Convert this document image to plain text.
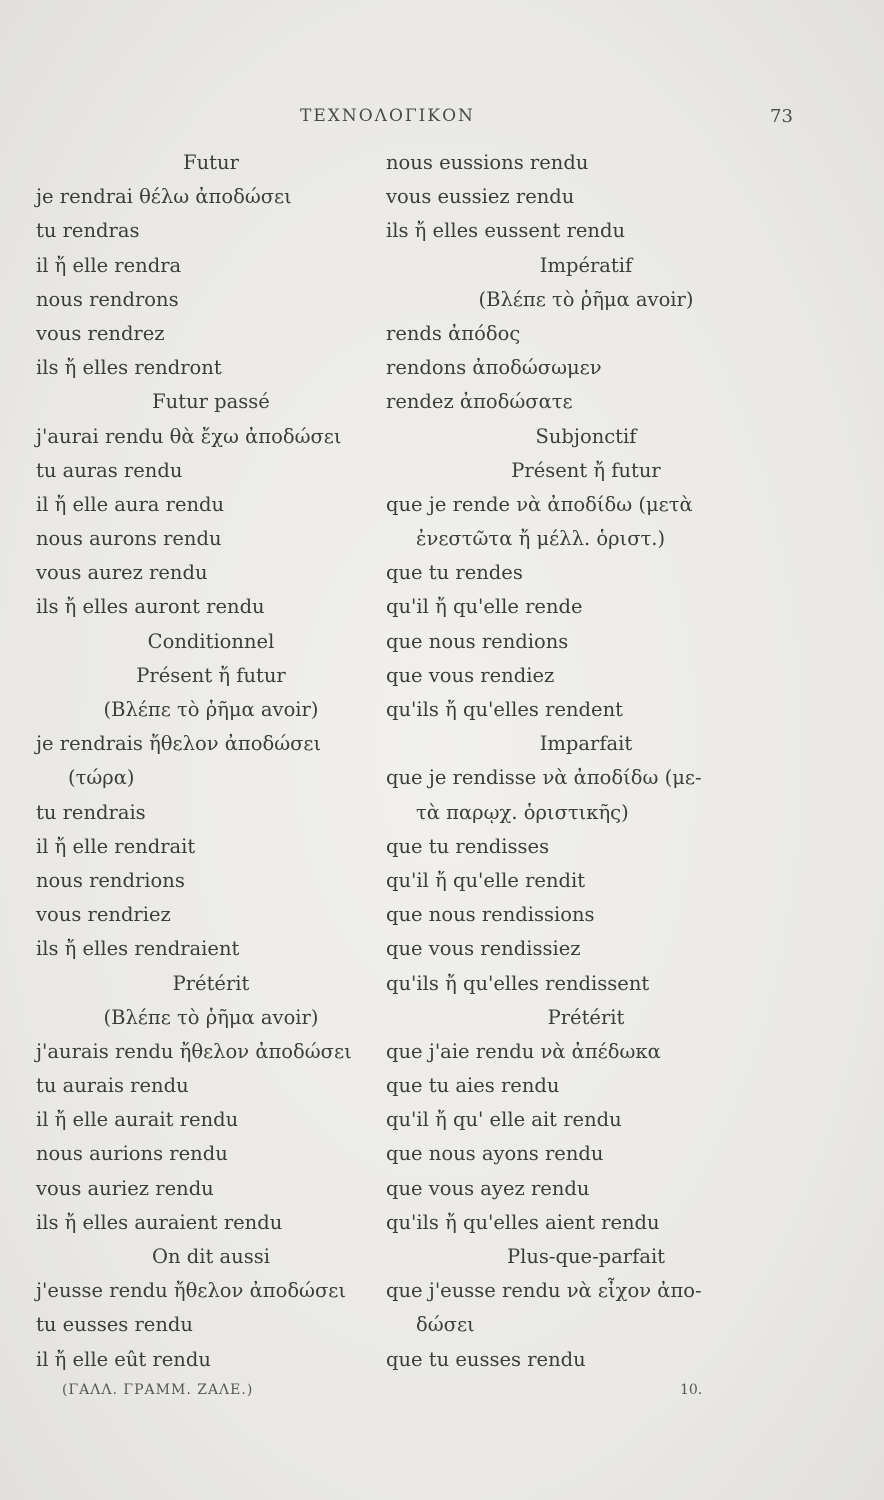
ΤΕΧΝΟΛΟΓΙΚΟΝ	73
Futur
je rendrai θέλω ἀποδώσει
tu rendras
il ἤ elle rendra
nous rendrons
vous rendrez
ils ἤ elles rendront
Futur passé
j'aurai rendu θὰ ἔχω ἀποδώσει
tu auras rendu
il ἤ elle aura rendu
nous aurons rendu
vous aurez rendu
ils ἤ elles auront rendu
Conditionnel
Présent ἤ futur
(Βλέπε τὸ ῥῆμα avoir)
je rendrais ἤθελον ἀποδώσει
(τώρα)
tu rendrais
il ἤ elle rendrait
nous rendrions
vous rendriez
ils ἤ elles rendraient
Prétérit
(Βλέπε τὸ ῥῆμα avoir)
j'aurais rendu ἤθελον ἀποδώσει
tu aurais rendu
il ἤ elle aurait rendu
nous aurions rendu
vous auriez rendu
ils ἤ elles auraient rendu
On dit aussi
j'eusse rendu ἤθελον ἀποδώσει
tu eusses rendu
il ἤ elle eût rendu
nous eussions rendu
vous eussiez rendu
ils ἤ elles eussent rendu
Impératif
(Βλέπε τὸ ῥῆμα avoir)
rends ἀπόδος
rendons ἀποδώσωμεν
rendez ἀποδώσατε
Subjonctif
Présent ἤ futur
que je rende νὰ ἀποδίδω (μετὰ
ἐνεστῶτα ἤ μέλλ. ὁριστ.)
que tu rendes
qu'il ἤ qu'elle rende
que nous rendions
que vous rendiez
qu'ils ἤ qu'elles rendent
Imparfait
que je rendisse νὰ ἀποδίδω (με-
τὰ παρῳχ. ὁριστικῆς)
que tu rendisses
qu'il ἤ qu'elle rendit
que nous rendissions
que vous rendissiez
qu'ils ἤ qu'elles rendissent
Prétérit
que j'aie rendu νὰ ἀπέδωκα
que tu aies rendu
qu'il ἤ qu' elle ait rendu
que nous ayons rendu
que vous ayez rendu
qu'ils ἤ qu'elles aient rendu
Plus-que-parfait
que j'eusse rendu νὰ εἶχον ἀπο-
δώσει
que tu eusses rendu
(ΓΑΛΛ. ΓΡΑΜΜ. ΖΑΛΕ.)	10.
